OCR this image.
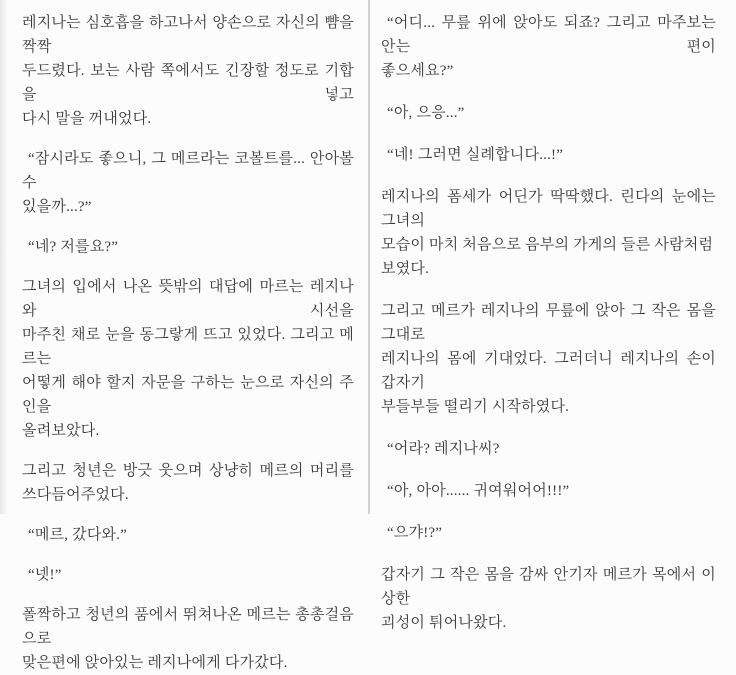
레지나는 심호흡을 하고나서 양손으로 자신의 뺨을 짝짝
두드렸다. 보는 사람 쪽에서도 긴장할 정도로 기합을 넣고
다시 말을 꺼내었다.
“잠시라도 좋으니, 그 메르라는 코볼트를... 안아볼 수
있을까...?”
“네? 저를요?”
그녀의 입에서 나온 뜻밖의 대답에 마르는 레지나와 시선을
마주친 채로 눈을 동그랗게 뜨고 있었다. 그리고 메르는
어떻게 해야 할지 자문을 구하는 눈으로 자신의 주인을
올려보았다.
그리고 청년은 방긋 웃으며 상냥히 메르의 머리를
쓰다듬어주었다.
“메르, 갔다와.”
“넷!”
폴짝하고 청년의 품에서 뛰쳐나온 메르는 총총걸음으로
맞은편에 앉아있는 레지나에게 다가갔다.
“어디... 무릎 위에 앉아도 되죠? 그리고 마주보는 안는 편이
좋으세요?”
“아, 으응...”
“네! 그러면 실례합니다...!”
레지나의 폼세가 어딘가 딱딱했다. 린다의 눈에는 그녀의
모습이 마치 처음으로 음부의 가게의 들른 사람처럼 보였다.
그리고 메르가 레지나의 무릎에 앉아 그 작은 몸을 그대로
레지나의 몸에 기대었다. 그러더니 레지나의 손이 갑자기
부들부들 떨리기 시작하였다.
“어라? 레지나씨?
“아, 아아...... 귀여워어어!!!”
“으갸!?”
갑자기 그 작은 몸을 감싸 안기자 메르가 목에서 이상한
괴성이 튀어나왔다.
